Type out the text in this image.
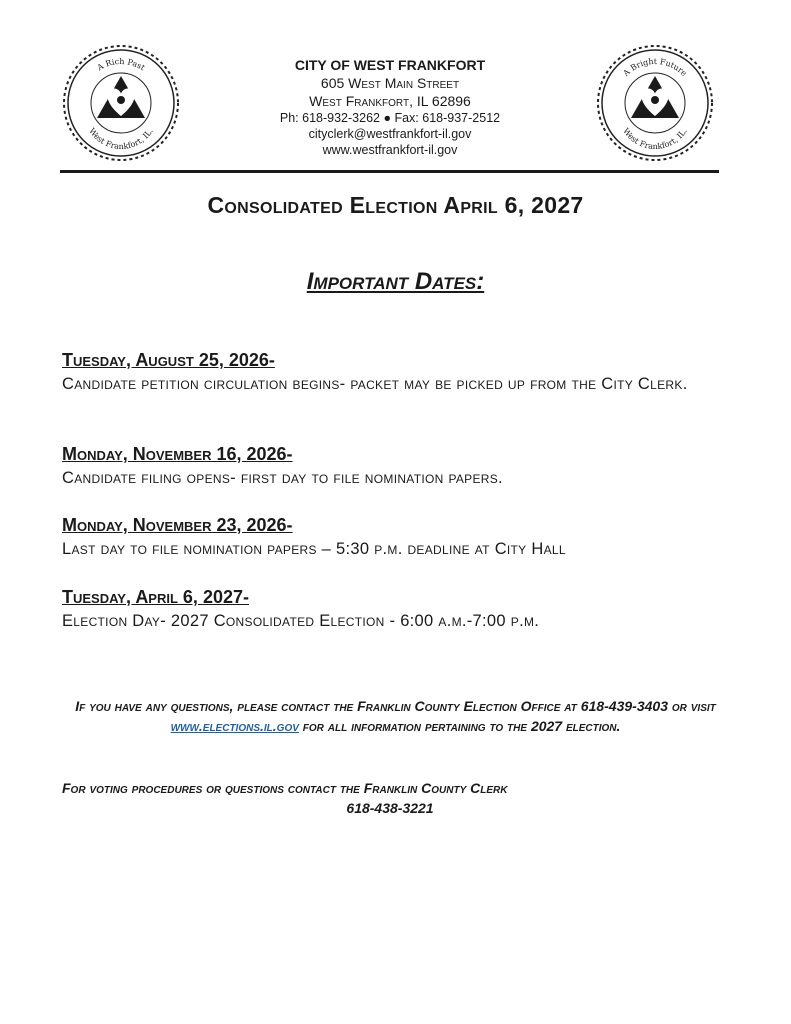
A Rich Past
West Frankfort, IL.
A Bright Future
West Frankfort, IL.
CITY OF WEST FRANKFORT
605 West Main Street
West Frankfort, IL 62896
Ph: 618-932-3262 ● Fax: 618-937-2512
cityclerk@westfrankfort-il.gov
www.westfrankfort-il.gov
Consolidated Election April 6, 2027
Important Dates:
Tuesday, August 25, 2026-
Candidate petition circulation begins- packet may be picked up from the City Clerk.
Monday, November 16, 2026-
Candidate filing opens- first day to file nomination papers.
Monday, November 23, 2026-
Last day to file nomination papers – 5:30 p.m. deadline at City Hall
Tuesday, April 6, 2027-
Election Day- 2027 Consolidated Election - 6:00 a.m.-7:00 p.m.
If you have any questions, please contact the Franklin County Election Office at 618-439-3403 or visit www.elections.il.gov for all information pertaining to the 2027 election.
For voting procedures or questions contact the Franklin County Clerk
618-438-3221
